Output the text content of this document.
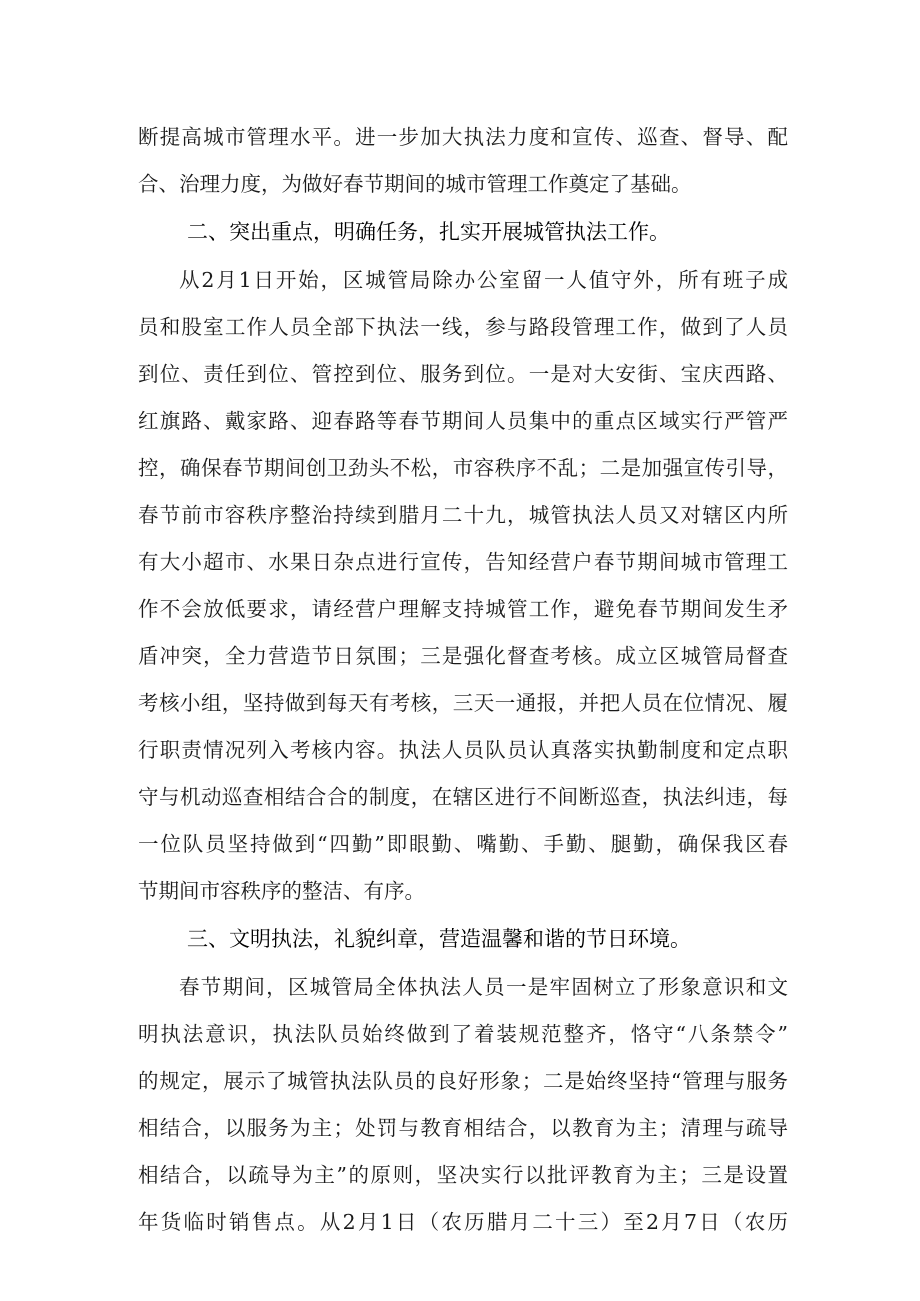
断提高城市管理水平。进一步加大执法力度和宣传、巡查、督导、配
合、治理力度，为做好春节期间的城市管理工作奠定了基础。
二、突出重点，明确任务，扎实开展城管执法工作。
从2月1日开始，区城管局除办公室留一人值守外，所有班子成
员和股室工作人员全部下执法一线，参与路段管理工作，做到了人员
到位、责任到位、管控到位、服务到位。一是对大安街、宝庆西路、
红旗路、戴家路、迎春路等春节期间人员集中的重点区域实行严管严
控，确保春节期间创卫劲头不松，市容秩序不乱；二是加强宣传引导，
春节前市容秩序整治持续到腊月二十九，城管执法人员又对辖区内所
有大小超市、水果日杂点进行宣传，告知经营户春节期间城市管理工
作不会放低要求，请经营户理解支持城管工作，避免春节期间发生矛
盾冲突，全力营造节日氛围；三是强化督查考核。成立区城管局督查
考核小组，坚持做到每天有考核，三天一通报，并把人员在位情况、履
行职责情况列入考核内容。执法人员队员认真落实执勤制度和定点职
守与机动巡查相结合合的制度，在辖区进行不间断巡查，执法纠违，每
一位队员坚持做到“四勤”即眼勤、嘴勤、手勤、腿勤，确保我区春
节期间市容秩序的整洁、有序。
三、文明执法，礼貌纠章，营造温馨和谐的节日环境。
春节期间，区城管局全体执法人员一是牢固树立了形象意识和文
明执法意识，执法队员始终做到了着装规范整齐，恪守“八条禁令”
的规定，展示了城管执法队员的良好形象；二是始终坚持“管理与服务
相结合，以服务为主；处罚与教育相结合，以教育为主；清理与疏导
相结合，以疏导为主”的原则，坚决实行以批评教育为主；三是设置
年货临时销售点。从2月1日（农历腊月二十三）至2月7日（农历
